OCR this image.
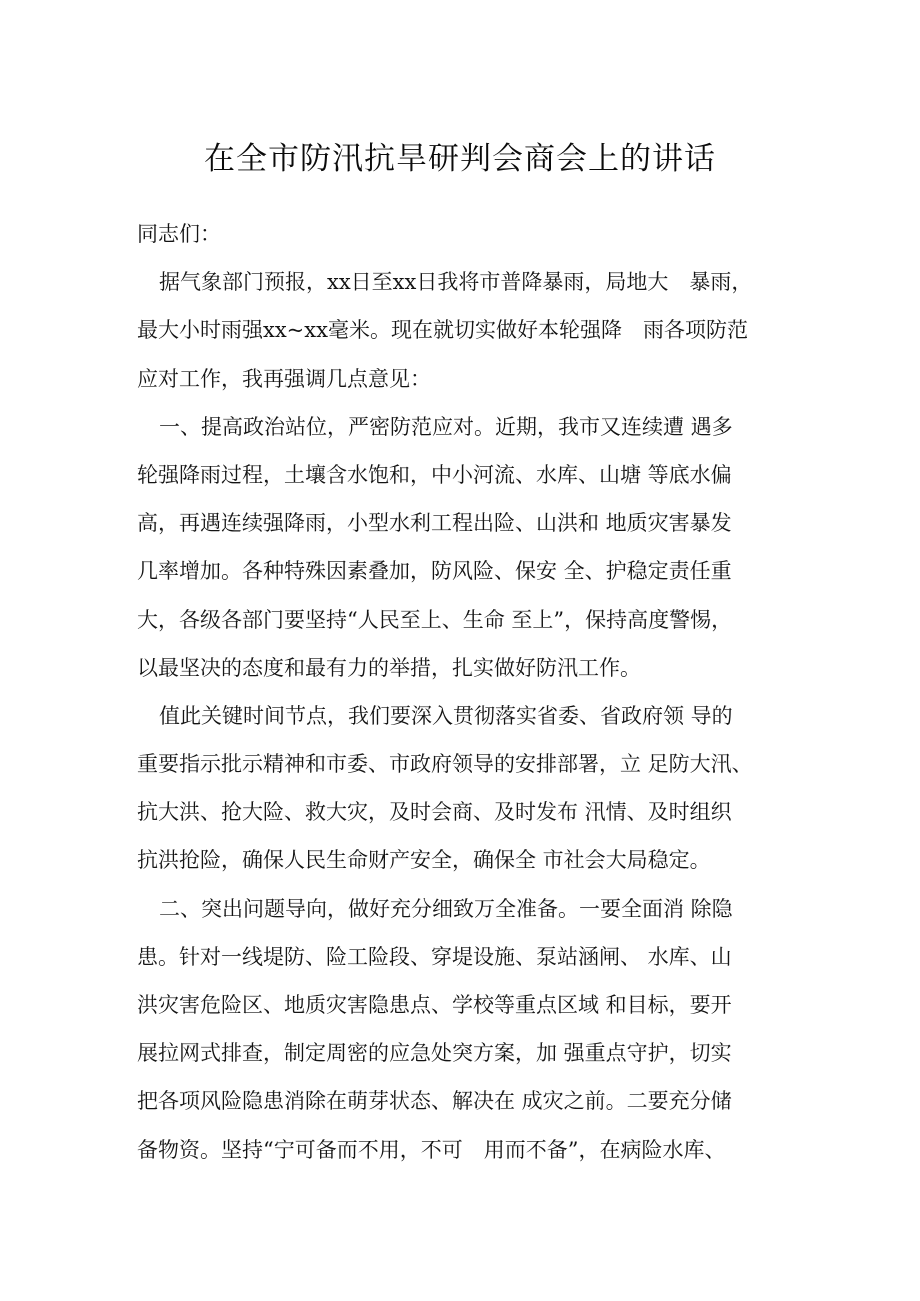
在全市防汛抗旱研判会商会上的讲话
同志们：
据气象部门预报，xx日至xx日我将市普降暴雨，局地大　暴雨，
最大小时雨强xx~xx毫米。现在就切实做好本轮强降　雨各项防范
应对工作，我再强调几点意见：
一、提高政治站位，严密防范应对。近期，我市又连续遭 遇多
轮强降雨过程，土壤含水饱和，中小河流、水库、山塘 等底水偏
高，再遇连续强降雨，小型水利工程出险、山洪和 地质灾害暴发
几率增加。各种特殊因素叠加，防风险、保安 全、护稳定责任重
大，各级各部门要坚持“人民至上、生命 至上”，保持高度警惕，
以最坚决的态度和最有力的举措，扎实做好防汛工作。
值此关键时间节点，我们要深入贯彻落实省委、省政府领 导的
重要指示批示精神和市委、市政府领导的安排部署，立 足防大汛、
抗大洪、抢大险、救大灾，及时会商、及时发布 汛情、及时组织
抗洪抢险，确保人民生命财产安全，确保全 市社会大局稳定。
二、突出问题导向，做好充分细致万全准备。一要全面消 除隐
患。针对一线堤防、险工险段、穿堤设施、泵站涵闸、 水库、山
洪灾害危险区、地质灾害隐患点、学校等重点区域 和目标，要开
展拉网式排查，制定周密的应急处突方案，加 强重点守护，切实
把各项风险隐患消除在萌芽状态、解决在 成灾之前。二要充分储
备物资。坚持“宁可备而不用，不可　用而不备”，在病险水库、
